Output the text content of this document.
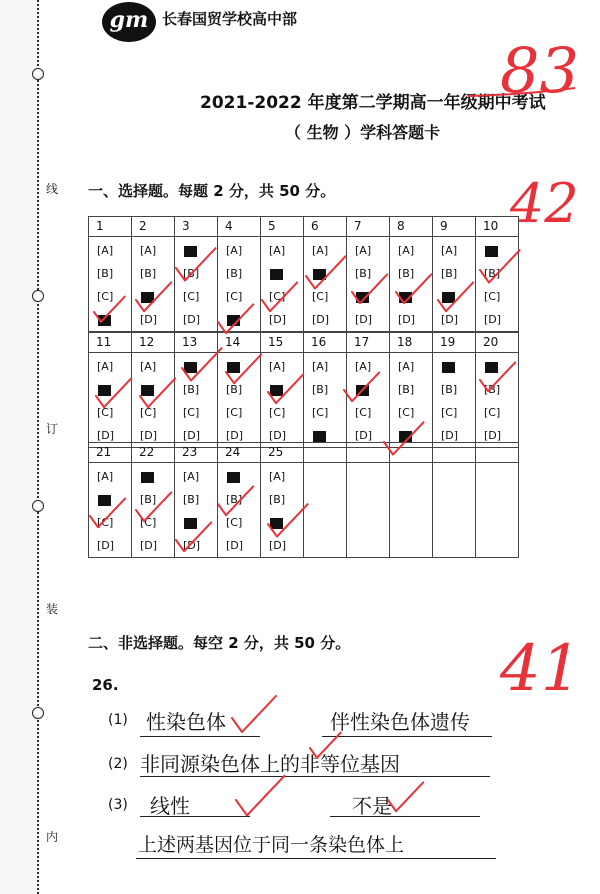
线
订
装
内
gm 长春国贸学校高中部
2021-2022 年度第二学期高一年级期中考试
（ 生物 ）学科答题卡
一、选择题。每题 2 分，共 50 分。
1
[A]
[B]
[C]
2
[A]
[B]
[D]
3
[B]
[C]
[D]
4
[A]
[B]
[C]
5
[A]
[C]
[D]
6
[A]
[C]
[D]
7
[A]
[B]
[D]
8
[A]
[B]
[D]
9
[A]
[B]
[D]
10
[B]
[C]
[D]
11
[A]
[C]
[D]
12
[A]
[C]
[D]
13
[B]
[C]
[D]
14
[B]
[C]
[D]
15
[A]
[C]
[D]
16
[A]
[B]
[C]
17
[A]
[C]
[D]
18
[A]
[B]
[C]
19
[B]
[C]
[D]
20
[B]
[C]
[D]
21
[A]
[C]
[D]
22
[B]
[C]
[D]
23
[A]
[B]
[D]
24
[B]
[C]
[D]
25
[A]
[B]
[D]
二、非选择题。每空 2 分，共 50 分。
26.
(1) 性染色体	伴性染色体遗传
(2) 非同源染色体上的非等位基因
(3) 线性	不是
上述两基因位于同一条染色体上
83
42
41
